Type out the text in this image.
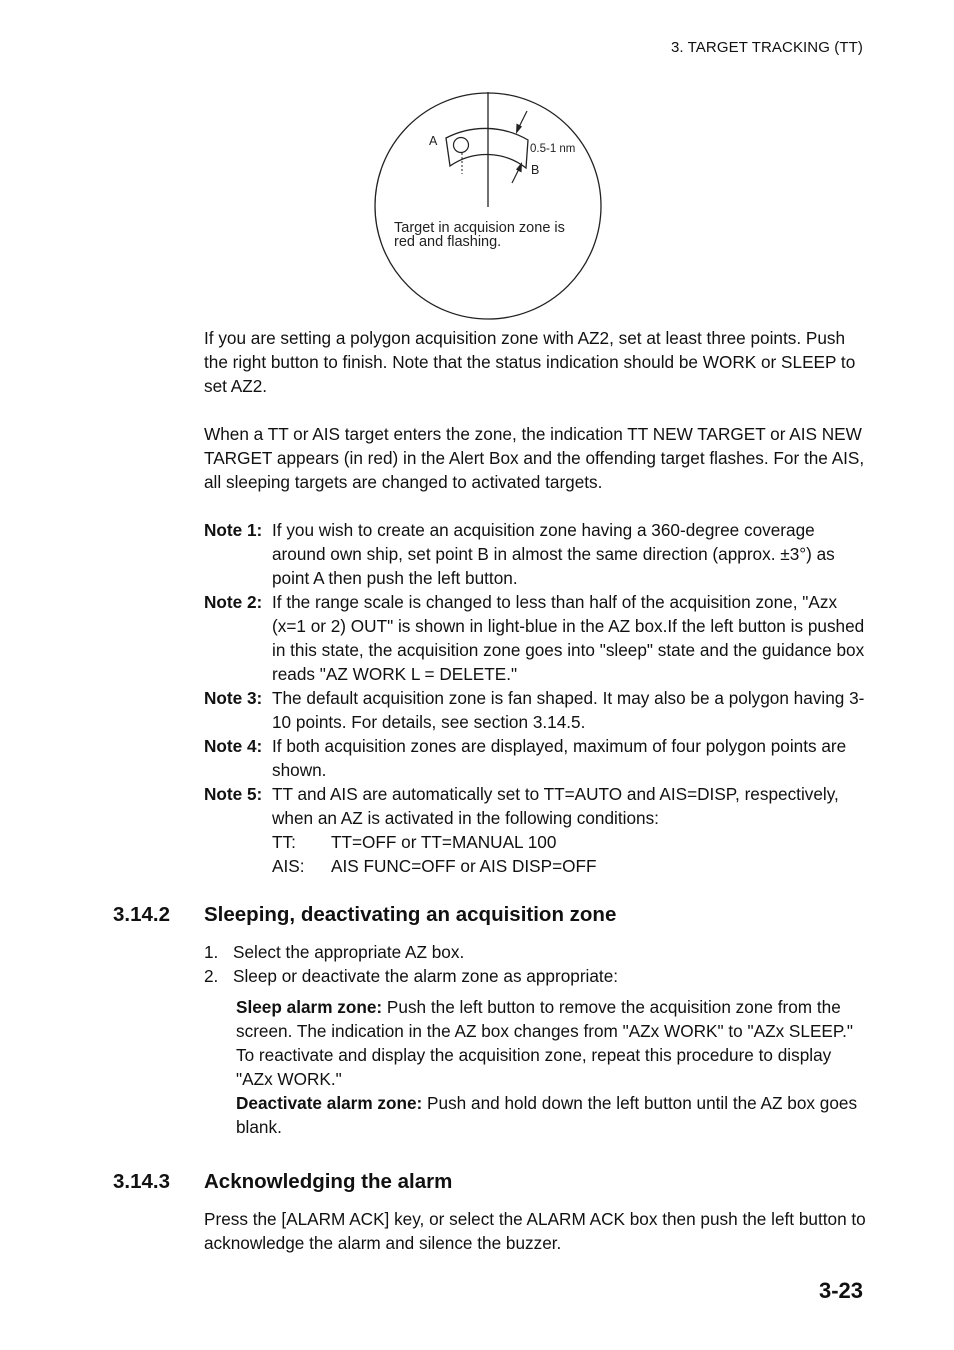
3. TARGET TRACKING (TT)
A
0.5-1 nm
B
Target in acquision zone is
red and flashing.

If you are setting a polygon acquisition zone with AZ2, set at least three points. Push the right button to finish. Note that the status indication should be WORK or SLEEP to set AZ2.

When a TT or AIS target enters the zone, the indication TT NEW TARGET or AIS NEW TARGET appears (in red) in the Alert Box and the offending target flashes. For the AIS, all sleeping targets are changed to activated targets.

Note 1: If you wish to create an acquisition zone having a 360-degree coverage around own ship, set point B in almost the same direction (approx. ±3°) as point A then push the left button.
Note 2: If the range scale is changed to less than half of the acquisition zone, "Azx (x=1 or 2) OUT" is shown in light-blue in the AZ box.If the left button is pushed in this state, the acquisition zone goes into "sleep" state and the guidance box reads "AZ WORK L = DELETE."
Note 3: The default acquisition zone is fan shaped. It may also be a polygon having 3-10 points. For details, see section 3.14.5.
Note 4: If both acquisition zones are displayed, maximum of four polygon points are shown.
Note 5: TT and AIS are automatically set to TT=AUTO and AIS=DISP, respectively, when an AZ is activated in the following conditions:
TT: TT=OFF or TT=MANUAL 100
AIS: AIS FUNC=OFF or AIS DISP=OFF
3.14.2 Sleeping, deactivating an acquisition zone
1. Select the appropriate AZ box.
2. Sleep or deactivate the alarm zone as appropriate:

Sleep alarm zone: Push the left button to remove the acquisition zone from the screen. The indication in the AZ box changes from "AZx WORK" to "AZx SLEEP." To reactivate and display the acquisition zone, repeat this procedure to display "AZx WORK."

Deactivate alarm zone: Push and hold down the left button until the AZ box goes blank.

3.14.3 Acknowledging the alarm
Press the [ALARM ACK] key, or select the ALARM ACK box then push the left button to acknowledge the alarm and silence the buzzer.
3-23
